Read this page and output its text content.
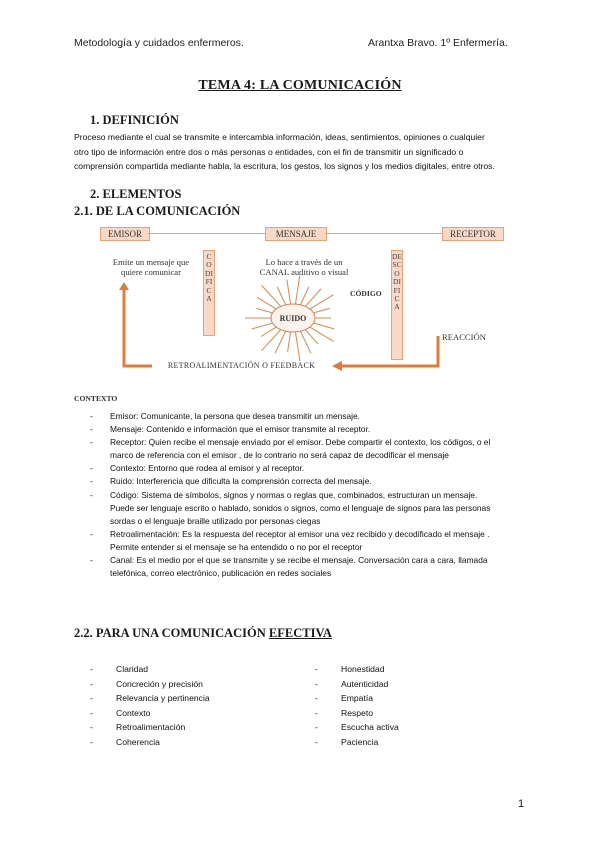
Metodología y cuidados enfermeros.	Arantxa Bravo. 1º Enfermería.
TEMA 4: LA COMUNICACIÓN
1. DEFINICIÓN
Proceso mediante el cual se transmite e intercambia información, ideas, sentimientos, opiniones o cualquier
otro tipo de información entre dos o más personas o entidades, con el fin de transmitir un significado o
comprensión compartida mediante habla, la escritura, los gestos, los signos y los medios digitales, entre otros.
2. ELEMENTOS
2.1. DE LA COMUNICACIÓN
EMISOR	MENSAJE	RECEPTOR
Emite un mensaje que
quiere comunicar
CODIFICA
Lo hace a través de un
CANAL auditivo o visual
CÓDIGO
RUIDO
DESCODIFICA
REACCIÓN
RETROALIMENTACIÓN O FEEDBACK
CONTEXTO
- Emisor: Comunicante, la persona que desea transmitir un mensaje.
- Mensaje: Contenido e información que el emisor transmite al receptor.
- Receptor: Quien recibe el mensaje enviado por el emisor. Debe compartir el contexto, los códigos, o el
marco de referencia con el emisor , de lo contrario no será capaz de decodificar el mensaje
- Contexto: Entorno que rodea al emisor y al receptor.
- Ruido: Interferencia que dificulta la comprensión correcta del mensaje.
- Código: Sistema de símbolos, signos y normas o reglas que, combinados, estructuran un mensaje.
Puede ser lenguaje escrito o hablado, sonidos o signos, como el lenguaje de signos para las personas
sordas o el lenguaje braille utilizado por personas ciegas
- Retroalimentación: Es la respuesta del receptor al emisor una vez recibido y decodificado el mensaje .
Permite entender si el mensaje se ha entendido o no por el receptor
- Canal: Es el medio por el que se transmite y se recibe el mensaje. Conversación cara a cara, llamada
telefónica, correo electrónico, publicación en redes sociales
2.2. PARA UNA COMUNICACIÓN EFECTIVA
- Claridad
- Concreción y precisión
- Relevancia y pertinencia
- Contexto
- Retroalimentación
- Coherencia
- Honestidad
- Autenticidad
- Empatía
- Respeto
- Escucha activa
- Paciencia
1
